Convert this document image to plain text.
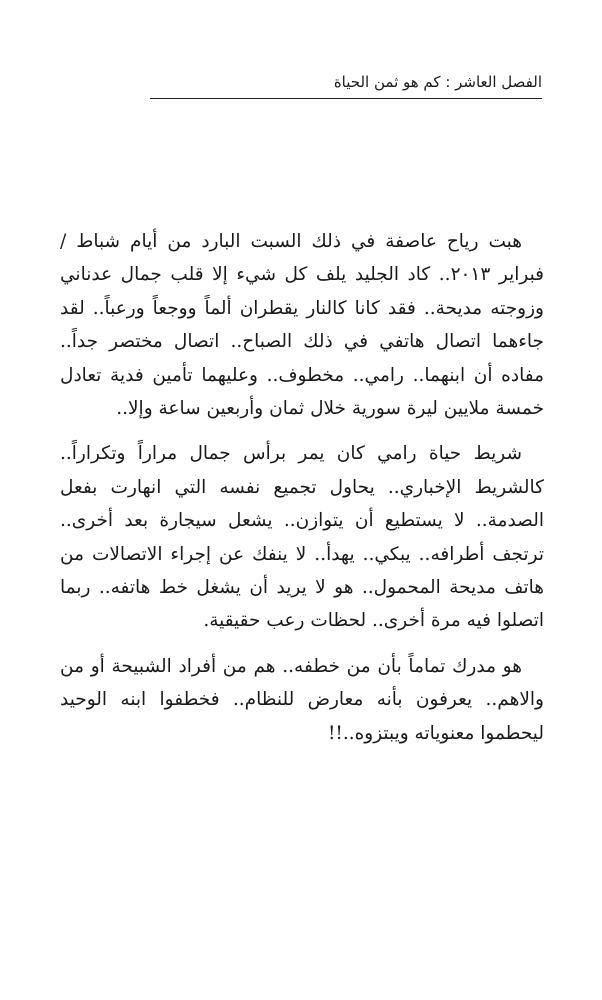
الفصل العاشر : كم هو ثمن الحياة

هبت رياح عاصفة في ذلك السبت البارد من أيام شباط / فبراير ٢٠١٣.. كاد الجليد يلف كل شيء إلا قلب جمال عدناني وزوجته مديحة.. فقد كانا كالنار يقطران ألماً ووجعاً ورعباً.. لقد جاءهما اتصال هاتفي في ذلك الصباح.. اتصال مختصر جداً.. مفاده أن ابنهما.. رامي.. مخطوف.. وعليهما تأمين فدية تعادل خمسة ملايين ليرة سورية خلال ثمان وأربعين ساعة وإلا..

شريط حياة رامي كان يمر برأس جمال مراراً وتكراراً.. كالشريط الإخباري.. يحاول تجميع نفسه التي انهارت بفعل الصدمة.. لا يستطيع أن يتوازن.. يشعل سيجارة بعد أخرى.. ترتجف أطرافه.. يبكي.. يهدأ.. لا ينفك عن إجراء الاتصالات من هاتف مديحة المحمول.. هو لا يريد أن يشغل خط هاتفه.. ربما اتصلوا فيه مرة أخرى.. لحظات رعب حقيقية.

هو مدرك تماماً بأن من خطفه.. هم من أفراد الشبيحة أو من والاهم.. يعرفون بأنه معارض للنظام.. فخطفوا ابنه الوحيد ليحطموا معنوياته ويبتزوه..!!
